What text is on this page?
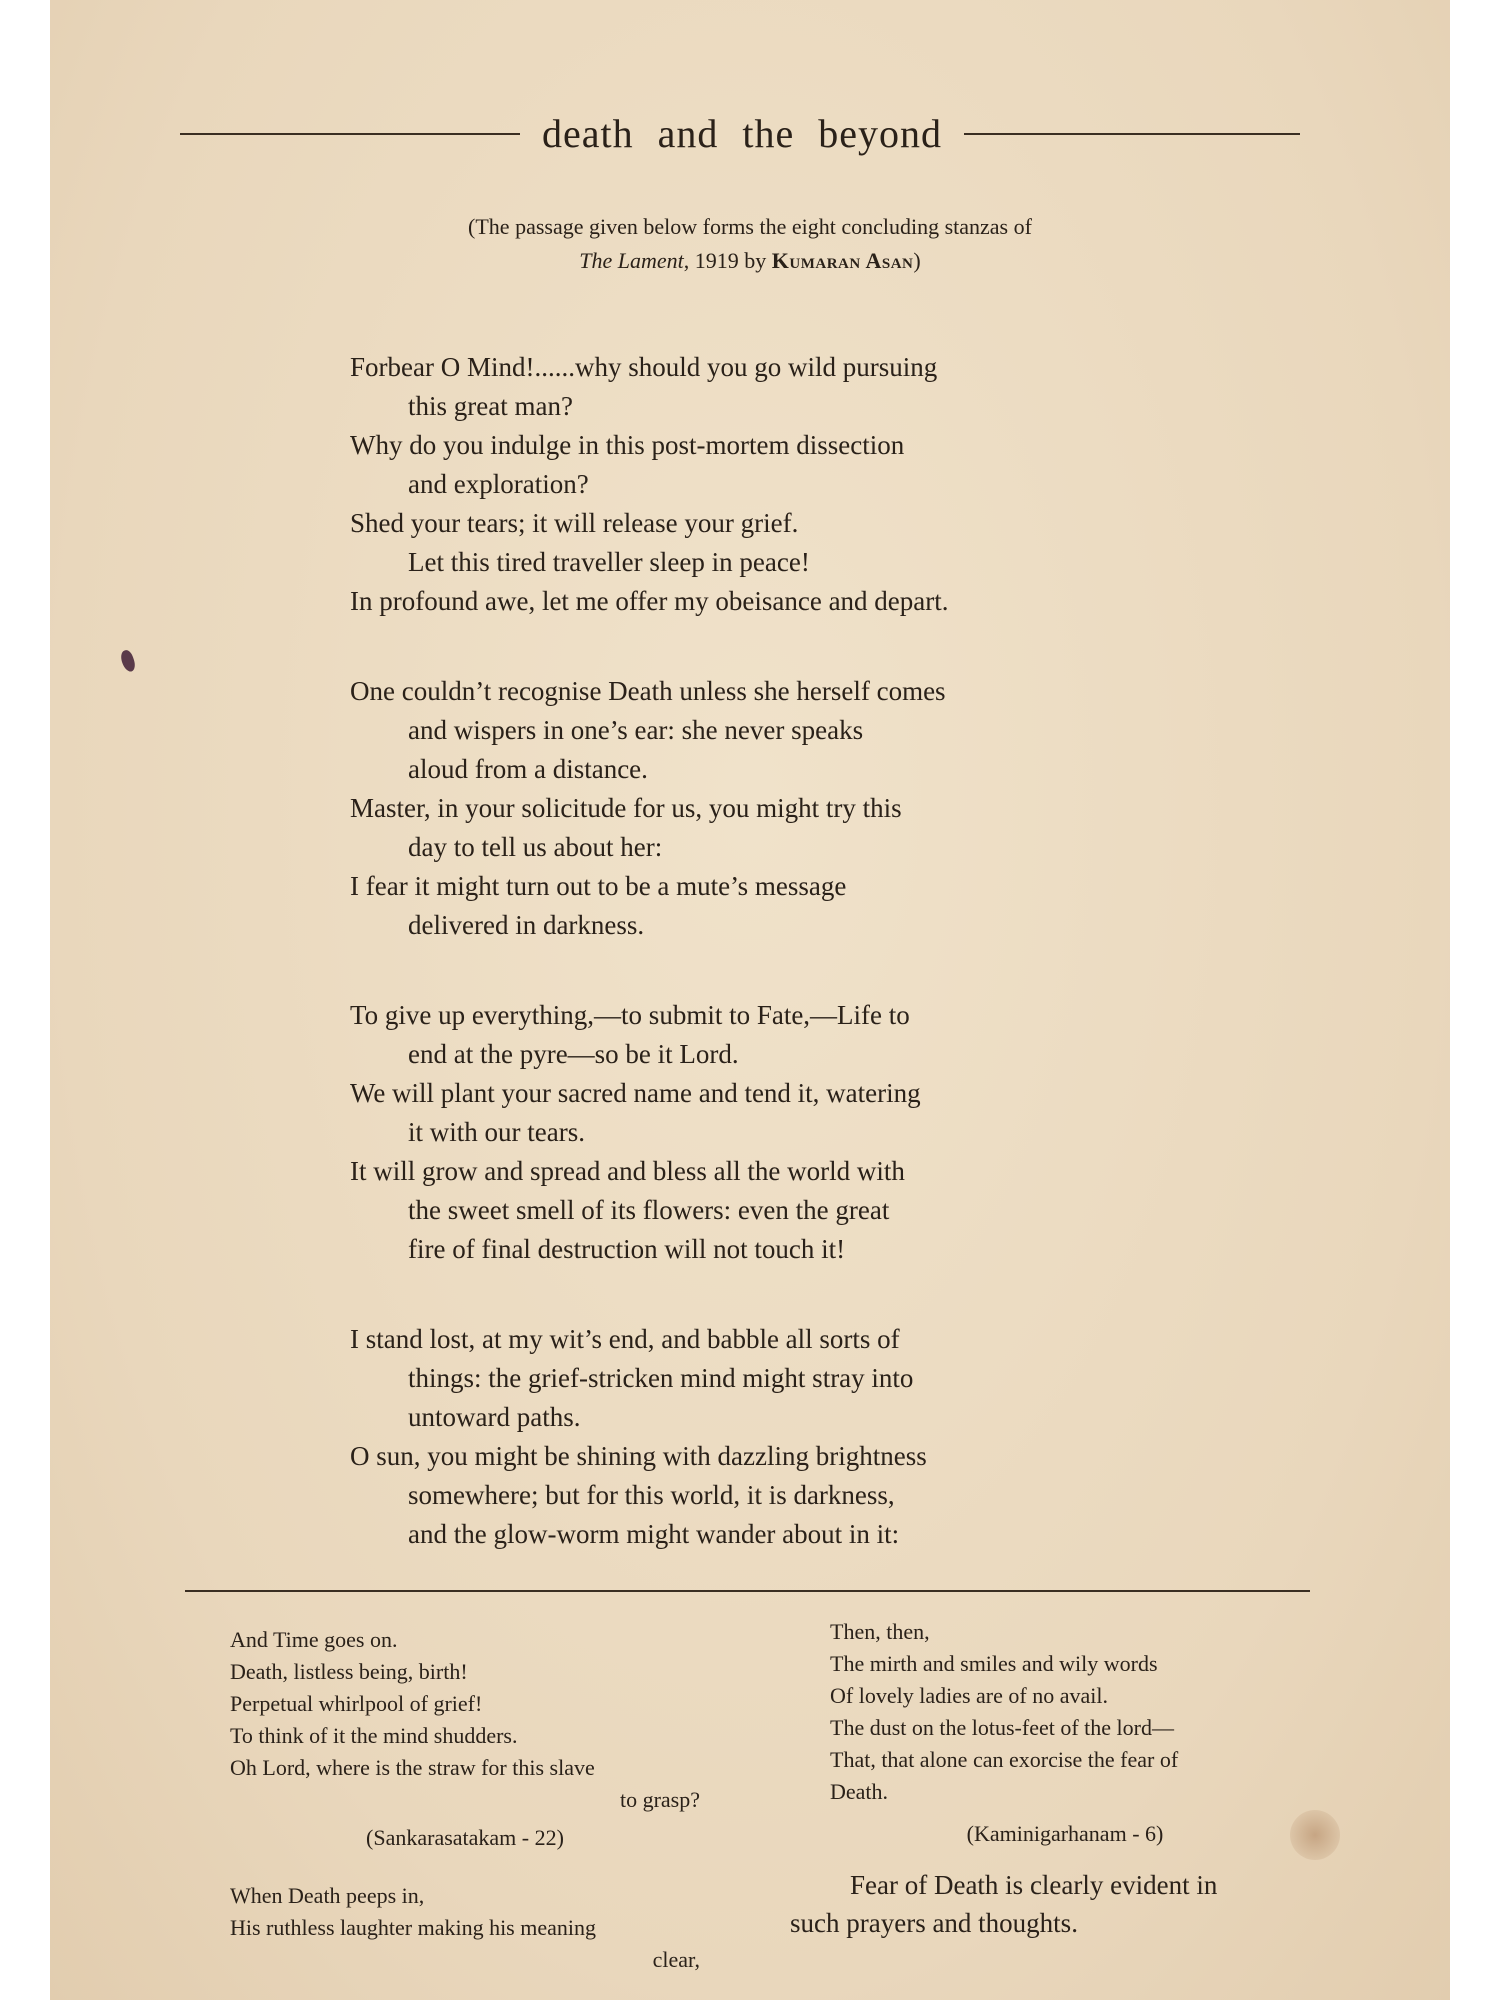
death and the beyond
(The passage given below forms the eight concluding stanzas of
The Lament, 1919 by Kumaran Asan)
Forbear O Mind!......why should you go wild pursuing
this great man?
Why do you indulge in this post-mortem dissection
and exploration?
Shed your tears; it will release your grief.
Let this tired traveller sleep in peace!
In profound awe, let me offer my obeisance and depart.
One couldn’t recognise Death unless she herself comes
and wispers in one’s ear: she never speaks
aloud from a distance.
Master, in your solicitude for us, you might try this
day to tell us about her:
I fear it might turn out to be a mute’s message
delivered in darkness.
To give up everything,—to submit to Fate,—Life to
end at the pyre—so be it Lord.
We will plant your sacred name and tend it, watering
it with our tears.
It will grow and spread and bless all the world with
the sweet smell of its flowers: even the great
fire of final destruction will not touch it!
I stand lost, at my wit’s end, and babble all sorts of
things: the grief-stricken mind might stray into
untoward paths.
O sun, you might be shining with dazzling brightness
somewhere; but for this world, it is darkness,
and the glow-worm might wander about in it:
And Time goes on.
Death, listless being, birth!
Perpetual whirlpool of grief!
To think of it the mind shudders.
Oh Lord, where is the straw for this slave
to grasp?
(Sankarasatakam - 22)
When Death peeps in,
His ruthless laughter making his meaning
clear,
Then, then,
The mirth and smiles and wily words
Of lovely ladies are of no avail.
The dust on the lotus-feet of the lord—
That, that alone can exorcise the fear of
Death.
(Kaminigarhanam - 6)
Fear of Death is clearly evident in
such prayers and thoughts.
